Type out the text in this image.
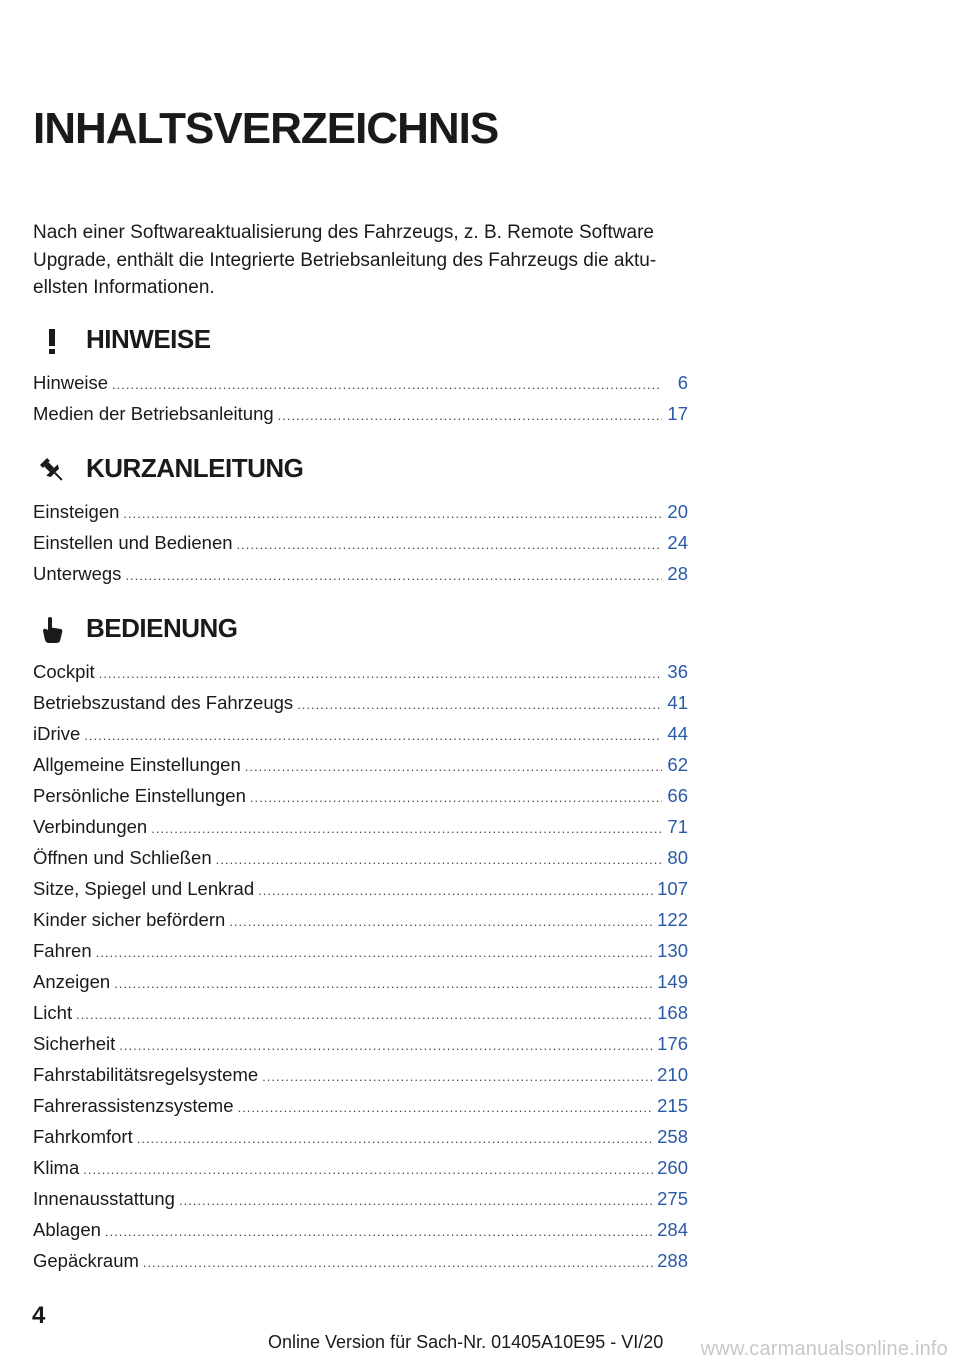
INHALTSVERZEICHNIS

Nach einer Softwareaktualisierung des Fahrzeugs, z. B. Remote Software Upgrade, enthält die Integrierte Betriebsanleitung des Fahrzeugs die aktuellsten Informationen.

HINWEISE
Hinweise .....	6
Medien der Betriebsanleitung .....	17
KURZANLEITUNG
Einsteigen .....	20
Einstellen und Bedienen .....	24
Unterwegs .....	28
BEDIENUNG
Cockpit .....	36
Betriebszustand des Fahrzeugs .....	41
iDrive .....	44
Allgemeine Einstellungen .....	62
Persönliche Einstellungen .....	66
Verbindungen .....	71
Öffnen und Schließen .....	80
Sitze, Spiegel und Lenkrad .....	107
Kinder sicher befördern .....	122
Fahren .....	130
Anzeigen .....	149
Licht .....	168
Sicherheit .....	176
Fahrstabilitätsregelsysteme .....	210
Fahrerassistenzsysteme .....	215
Fahrkomfort .....	258
Klima .....	260
Innenausstattung .....	275
Ablagen .....	284
Gepäckraum .....	288
4
Online Version für Sach-Nr. 01405A10E95 - VI/20 www.carmanualsonline.info
